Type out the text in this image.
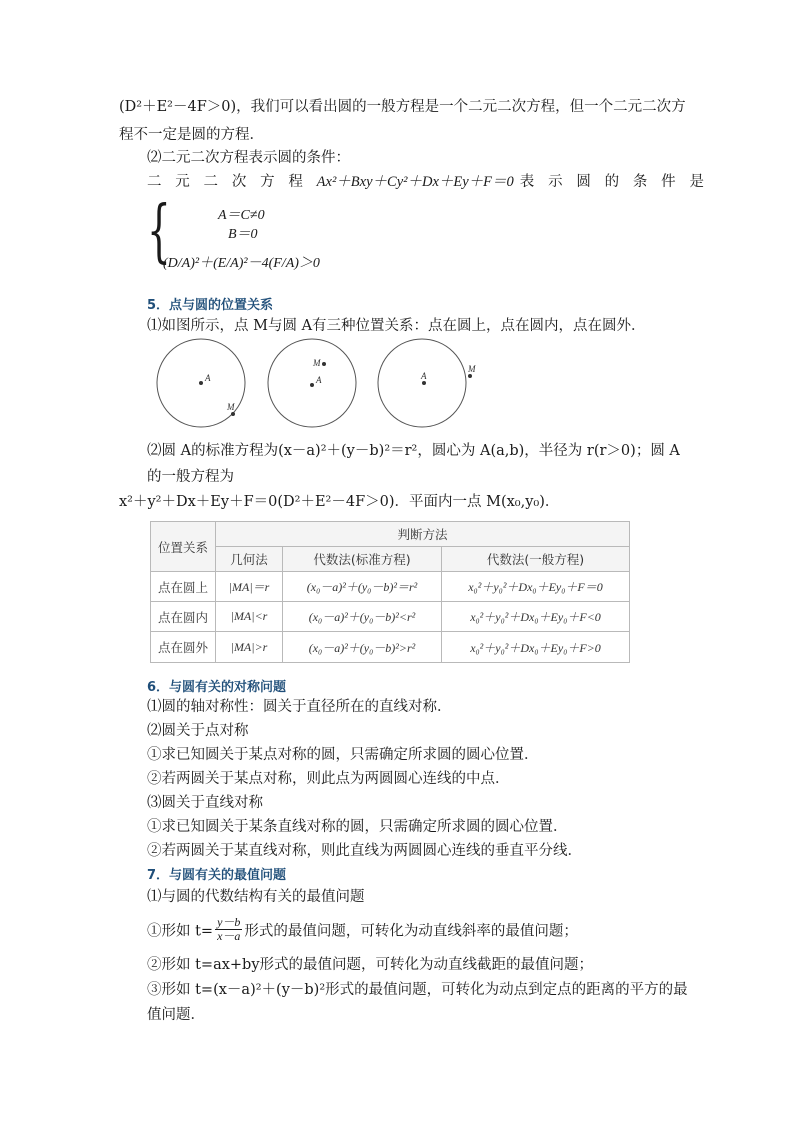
(D²＋E²－4F＞0)，我们可以看出圆的一般方程是一个二元二次方程，但一个二元二次方
程不一定是圆的方程．
⑵二元二次方程表示圆的条件：
二元二次方程Ax²＋Bxy＋Cy²＋Dx＋Ey＋F＝0 表示圆的条件是
{	A＝C≠0
B＝0
(D/A)²＋(E/A)²－4(F/A)＞0
5．点与圆的位置关系
⑴如图所示，点 M与圆 A有三种位置关系：点在圆上，点在圆内，点在圆外．
A
M
A
M
A
M
⑵圆 A的标准方程为(x－a)²＋(y－b)²＝r²，圆心为 A(a,b)，半径为 r(r＞0)；圆 A
的一般方程为
x²＋y²＋Dx＋Ey＋F＝0(D²＋E²－4F＞0)．平面内一点 M(x₀,y₀)．
位置关系	判断方法		
	几何法	代数法(标准方程)	代数法(一般方程)
点在圆上	|MA|＝r	(x₀－a)²＋(y₀－b)²＝r²	x₀²＋y₀²＋Dx₀＋Ey₀＋F＝0
点在圆内	|MA|<r	(x₀－a)²＋(y₀－b)²<r²	x₀²＋y₀²＋Dx₀＋Ey₀＋F<0
点在圆外	|MA|>r	(x₀－a)²＋(y₀－b)²>r²	x₀²＋y₀²＋Dx₀＋Ey₀＋F>0
6．与圆有关的对称问题
⑴圆的轴对称性：圆关于直径所在的直线对称．
⑵圆关于点对称
①求已知圆关于某点对称的圆，只需确定所求圆的圆心位置．
②若两圆关于某点对称，则此点为两圆圆心连线的中点．
⑶圆关于直线对称
①求已知圆关于某条直线对称的圆，只需确定所求圆的圆心位置．
②若两圆关于某直线对称，则此直线为两圆圆心连线的垂直平分线．
7．与圆有关的最值问题
⑴与圆的代数结构有关的最值问题
①形如 $t= \frac{y-b}{x-a}$ 形式的最值问题，可转化为动直线斜率的最值问题；
②形如 t=ax+by形式的最值问题，可转化为动直线截距的最值问题；
③形如 t=(x－a)²＋(y－b)²形式的最值问题，可转化为动点到定点的距离的平方的最
值问题．
